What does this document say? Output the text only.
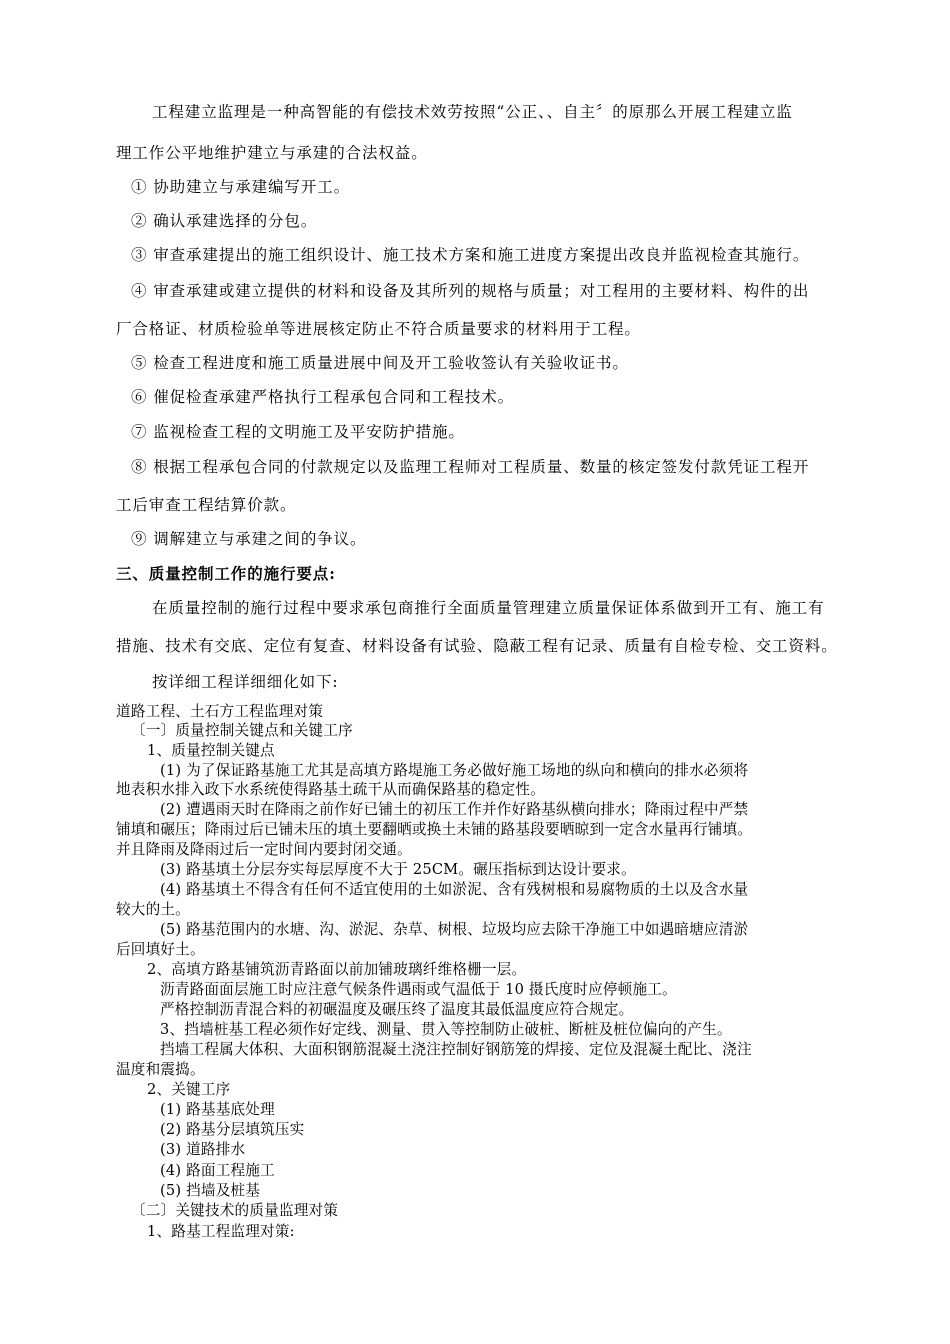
工程建立监理是一种高智能的有偿技术效劳按照“公正、、自主〞的原那么开展工程建立监
理工作公平地维护建立与承建的合法权益。
① 协助建立与承建编写开工。
② 确认承建选择的分包。
③ 审查承建提出的施工组织设计、施工技术方案和施工进度方案提出改良并监视检查其施行。
④ 审查承建或建立提供的材料和设备及其所列的规格与质量；对工程用的主要材料、构件的出
厂合格证、材质检验单等进展核定防止不符合质量要求的材料用于工程。
⑤ 检查工程进度和施工质量进展中间及开工验收签认有关验收证书。
⑥ 催促检查承建严格执行工程承包合同和工程技术。
⑦ 监视检查工程的文明施工及平安防护措施。
⑧ 根据工程承包合同的付款规定以及监理工程师对工程质量、数量的核定签发付款凭证工程开
工后审查工程结算价款。
⑨ 调解建立与承建之间的争议。
三、质量控制工作的施行要点:
在质量控制的施行过程中要求承包商推行全面质量管理建立质量保证体系做到开工有、施工有
措施、技术有交底、定位有复查、材料设备有试验、隐蔽工程有记录、质量有自检专检、交工资料。
按详细工程详细细化如下:
道路工程、土石方工程监理对策
〔一〕质量控制关键点和关键工序
1、质量控制关键点
(1) 为了保证路基施工尤其是高填方路堤施工务必做好施工场地的纵向和横向的排水必须将
地表积水排入政下水系统使得路基土疏干从而确保路基的稳定性。
(2) 遭遇雨天时在降雨之前作好已铺土的初压工作并作好路基纵横向排水；降雨过程中严禁
铺填和碾压；降雨过后已铺未压的填土要翻晒或换土未铺的路基段要晒晾到一定含水量再行铺填。
并且降雨及降雨过后一定时间内要封闭交通。
(3) 路基填土分层夯实每层厚度不大于 25CM。碾压指标到达设计要求。
(4) 路基填土不得含有任何不适宜使用的土如淤泥、含有残树根和易腐物质的土以及含水量
较大的土。
(5) 路基范围内的水塘、沟、淤泥、杂草、树根、垃圾均应去除干净施工中如遇暗塘应清淤
后回填好土。
2、高填方路基铺筑沥青路面以前加铺玻璃纤维格栅一层。
沥青路面面层施工时应注意气候条件遇雨或气温低于 10 摄氏度时应停顿施工。
严格控制沥青混合料的初碾温度及碾压终了温度其最低温度应符合规定。
3、挡墙桩基工程必须作好定线、测量、贯入等控制防止破桩、断桩及桩位偏向的产生。
挡墙工程属大体积、大面积钢筋混凝土浇注控制好钢筋笼的焊接、定位及混凝土配比、浇注
温度和震捣。
2、关键工序
(1) 路基基底处理
(2) 路基分层填筑压实
(3) 道路排水
(4) 路面工程施工
(5) 挡墙及桩基
〔二〕关键技术的质量监理对策
1、路基工程监理对策:
